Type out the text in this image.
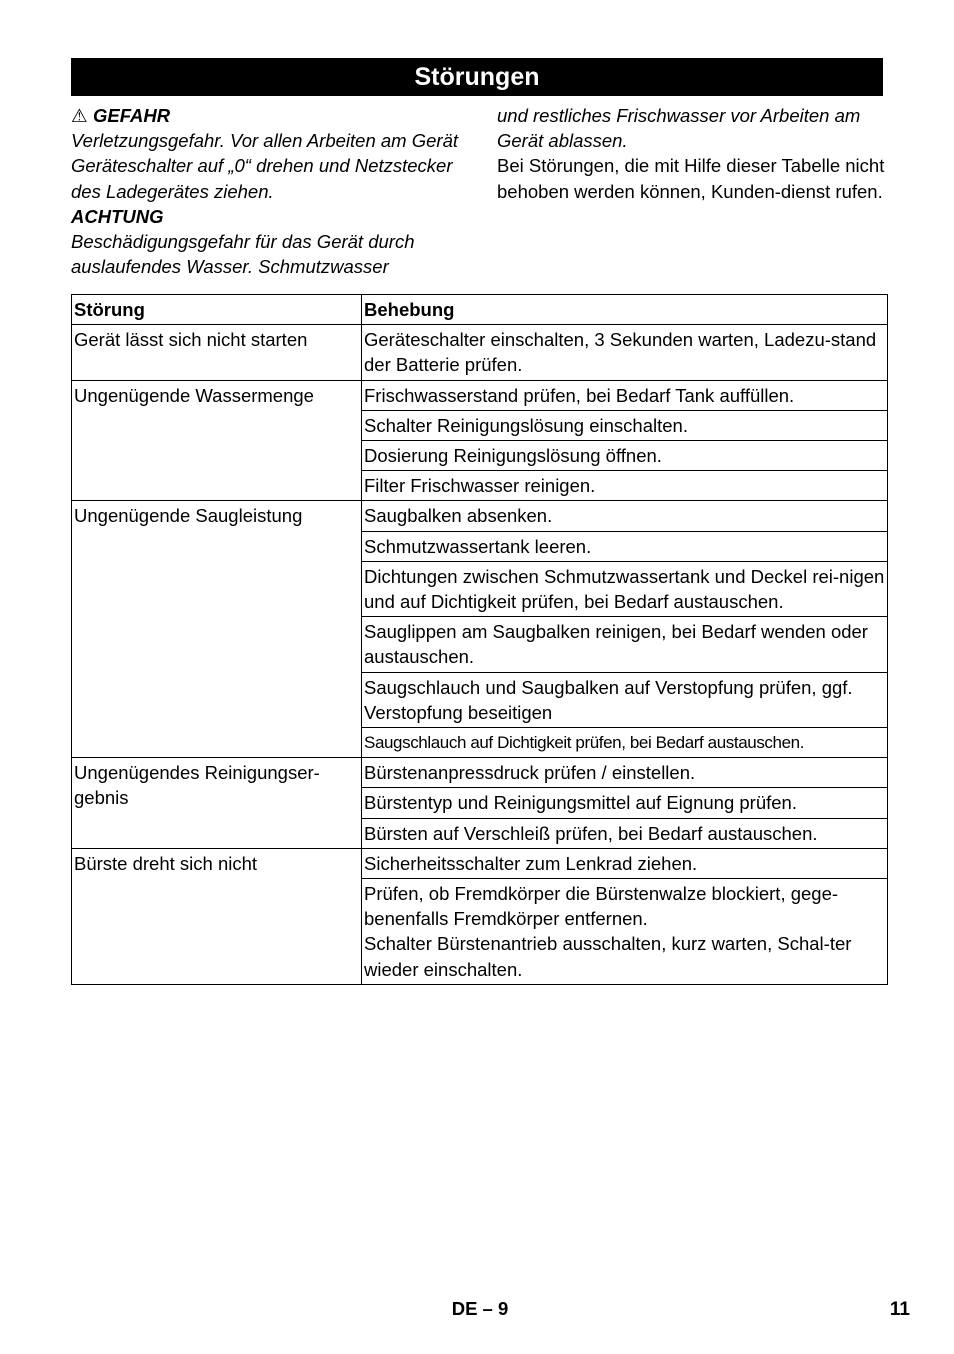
Störungen

⚠ GEFAHR

Verletzungsgefahr. Vor allen Arbeiten am Gerät Geräteschalter auf „0“ drehen und Netzstecker des Ladegerätes ziehen.

ACHTUNG

Beschädigungsgefahr für das Gerät durch auslaufendes Wasser. Schmutzwasser

und restliches Frischwasser vor Arbeiten am Gerät ablassen.

Bei Störungen, die mit Hilfe dieser Tabelle nicht behoben werden können, Kunden-dienst rufen.

Störung	Behebung
Gerät lässt sich nicht starten	Geräteschalter einschalten, 3 Sekunden warten, Ladezu-stand der Batterie prüfen.
Ungenügende Wassermenge	Frischwasserstand prüfen, bei Bedarf Tank auffüllen.
	Schalter Reinigungslösung einschalten.
	Dosierung Reinigungslösung öffnen.
	Filter Frischwasser reinigen.
Ungenügende Saugleistung	Saugbalken absenken.
	Schmutzwassertank leeren.
	Dichtungen zwischen Schmutzwassertank und Deckel rei-nigen und auf Dichtigkeit prüfen, bei Bedarf austauschen.
	Sauglippen am Saugbalken reinigen, bei Bedarf wenden oder austauschen.
	Saugschlauch und Saugbalken auf Verstopfung prüfen, ggf. Verstopfung beseitigen
	Saugschlauch auf Dichtigkeit prüfen, bei Bedarf austauschen.
Ungenügendes Reinigungser-gebnis	Bürstenanpressdruck prüfen / einstellen.
	Bürstentyp und Reinigungsmittel auf Eignung prüfen.
	Bürsten auf Verschleiß prüfen, bei Bedarf austauschen.
Bürste dreht sich nicht	Sicherheitsschalter zum Lenkrad ziehen.

	Prüfen, ob Fremdkörper die Bürstenwalze blockiert, gege-benenfalls Fremdkörper entfernen.
Schalter Bürstenantrieb ausschalten, kurz warten, Schal-ter wieder einschalten.
DE – 9	11
